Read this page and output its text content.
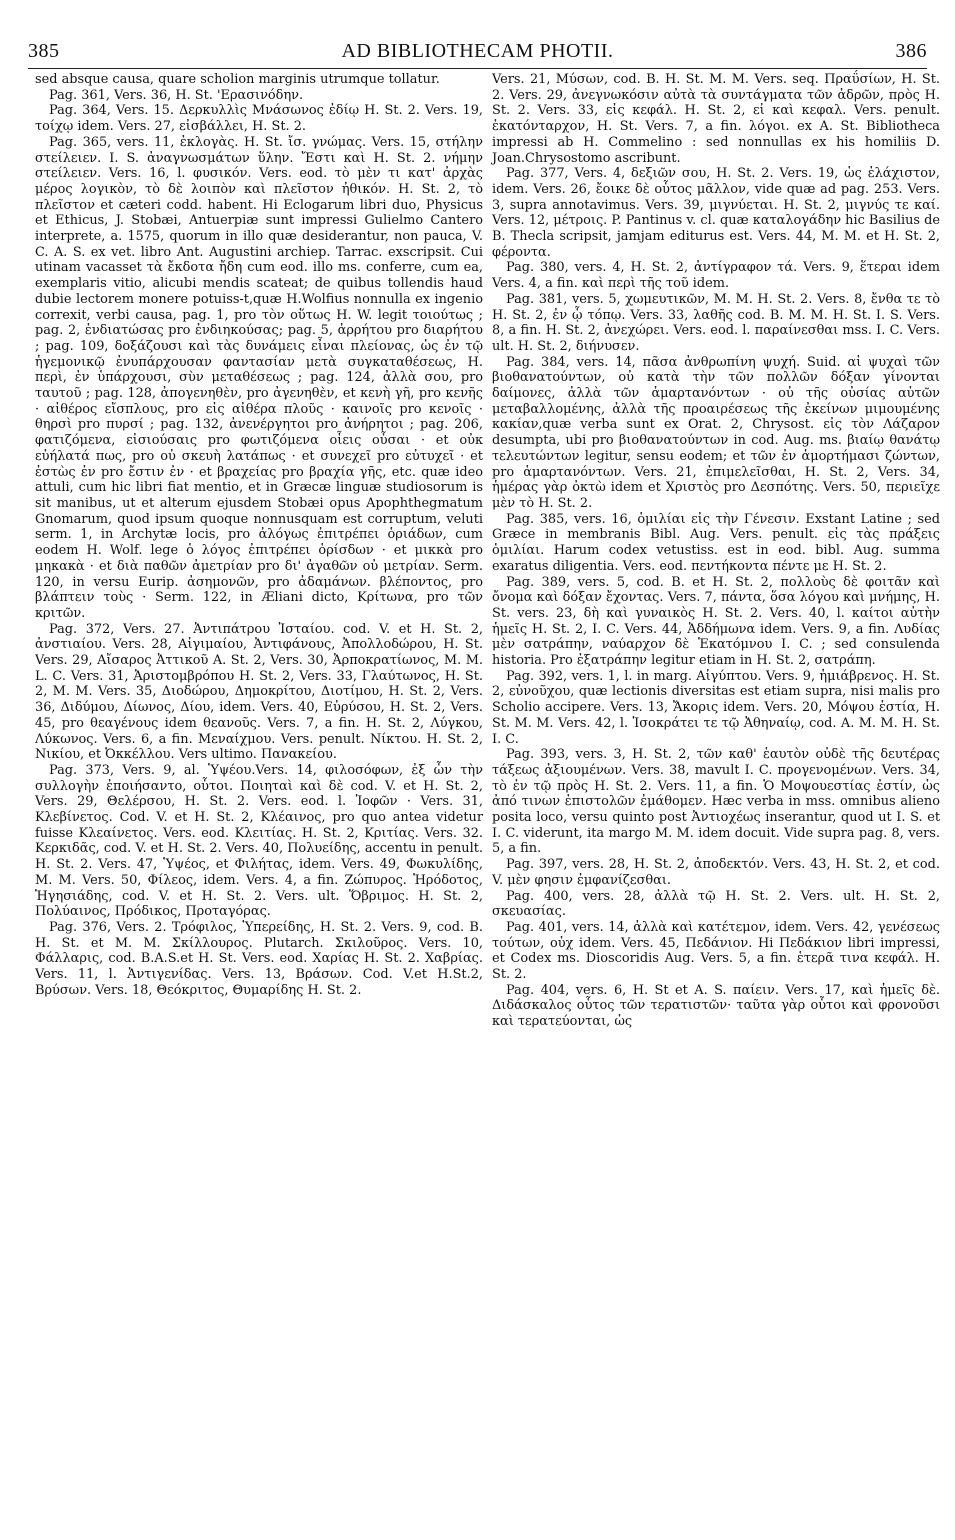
385	AD BIBLIOTHECAM PHOTII.	386

sed absque causa, quare scholion marginis utrumque tollatur.

Pag. 361, Vers. 36, H. St. 'Ερασινόδην.

Pag. 364, Vers. 15. Δερκυλλὶς Μνάσωνος ἐδίῳ Η. St. 2. Vers. 19, τοίχῳ idem. Vers. 27, εἰσβάλλει, H. St. 2.

Pag. 365, vers. 11, ἐκλογὰς. H. St. ἴσ. γνώμας. Vers. 15, στήλην στείλειεν. I. S. ἀναγνωσμάτων ὕλην. Ἔστι καὶ H. St. 2. νήμην στείλειεν. Vers. 16, l. φυσικόν. Vers. eod. τὸ μὲν τι κατ' ἀρχὰς μέρος λογικὸν, τὸ δὲ λοιπὸν καὶ πλεῖστον ἠθικόν. H. St. 2, τὸ πλεῖστον et cæteri codd. habent. Hi Eclogarum libri duo, Physicus et Ethicus, J. Stobæi, Antuerpiæ sunt impressi Gulielmo Cantero interprete, a. 1575, quorum in illo quæ desiderantur, non pauca, V. C. A. S. ex vet. libro Ant. Augustini archiep. Tarrac. exscripsit. Cui utinam vacasset τὰ ἔκδοτα ἤδη cum eod. illo ms. conferre, cum ea, exemplaris vitio, alicubi mendis scateat; de quibus tollendis haud dubie lectorem monere potuiss-t,quæ H.Wolfius nonnulla ex ingenio correxit, verbi causa, pag. 1, pro τὸν οὕτως H. W. legit τοιούτως ; pag. 2, ἐνδιατώσας pro ἐνδιηκούσας; pag. 5, ἀρρήτου pro διαρήτου ; pag. 109, δοξάζουσι καὶ τὰς δυνάμεις εἶναι πλείονας, ὡς ἐν τῷ ἡγεμονικῷ ἐνυπάρχουσαν φαντασίαν μετὰ συγκαταθέσεως, H. περὶ, ἐν ὑπάρχουσι, σὺν μεταθέσεως ; pag. 124, ἀλλὰ σου, pro ταυτοῦ ; pag. 128, ἀπογενηθὲν, pro ἀγενηθὲν, et κενὴ γῆ, pro κενῆς · αἰθέρος εἴσπλους, pro εἰς αἰθέρα πλοῦς · καινοῖς pro κενοῖς · θηρσὶ pro πυρσί ; pag. 132, ἀνενέργητοι pro ἀνήρητοι ; pag. 206, φατιζόμενα, εἰσιούσαις pro φωτιζόμενα οἷεις οὖσαι · et οὐκ εὐήλατά πως, pro οὐ σκευὴ λατάπως · et συνεχεῖ pro εὐτυχεῖ · et ἐστὼς ἐν pro ἔστιν ἐν · et βραχείας pro βραχία γῆς, etc. quæ ideo attuli, cum hic libri fiat mentio, et in Græcæ linguæ studiosorum is sit manibus, ut et alterum ejusdem Stobæi opus Apophthegmatum Gnomarum, quod ipsum quoque nonnusquam est corruptum, veluti serm. 1, in Archytæ locis, pro ἀλόγως ἐπιτρέπει ὁριάδων, cum eodem H. Wolf. lege ὁ λόγος ἐπιτρέπει ὁρίσδων · et μικκὰ pro μηκακὰ · et διὰ παθῶν ἀμετρίαν pro δι' ἀγαθῶν οὐ μετρίαν. Serm. 120, in versu Eurip. ἀσημονῶν, pro ἀδαμάνων. βλέποντος, pro βλάπτειν τοὺς · Serm. 122, in Æliani dicto, Κρίτωνα, pro τῶν κριτῶν.

Pag. 372, Vers. 27. Ἀντιπάτρου Ἱσταίου. cod. V. et H. St. 2, ἀνστιαίου. Vers. 28, Αἰγιμαίου, Ἀντιφάνους, Ἀπολλοδώρου, H. St. Vers. 29, Αἴσαρος Ἀττικοῦ A. St. 2, Vers. 30, Ἀρποκρατίωνος, M. M. L. C. Vers. 31, Ἀριστομβρόπου H. St. 2, Vers. 33, Γλαύτωνος, H. St. 2, M. M. Vers. 35, Διοδώρου, Δημοκρίτου, Διοτίμου, H. St. 2, Vers. 36, Διδύμου, Δίωνος, Δίου, idem. Vers. 40, Εὐρύσου, H. St. 2, Vers. 45, pro θεαγένους idem θεανοῦς. Vers. 7, a fin. H. St. 2, Λύγκου, Λύκωνος. Vers. 6, a fin. Μεναίχμου. Vers. penult. Νίκτου. H. St. 2, Νικίου, et Ὀκκέλλου. Vers ultimo. Πανακείου.

Pag. 373, Vers. 9, al. Ὑψέου.Vers. 14, φιλοσόφων, ἐξ ὧν τὴν συλλογὴν ἐποιήσαντο, οὗτοι. Ποιηταὶ καὶ δὲ cod. V. et H. St. 2, Vers. 29, Θελέρσου, H. St. 2. Vers. eod. l. Ἰοφῶν · Vers. 31, Κλεβίνετος. Cod. V. et H. St. 2, Κλέαινος, pro quo antea videtur fuisse Κλεαίνετος. Vers. eod. Κλειτίας. H. St. 2, Κριτίας. Vers. 32. Κερκιδᾶς, cod. V. et H. St. 2. Vers. 40, Πολυείδης, accentu in penult. H. St. 2. Vers. 47, Ὑψέος, et Φιλήτας, idem. Vers. 49, Φωκυλίδης, M. M. Vers. 50, Φίλεος, idem. Vers. 4, a fin. Ζώπυρος. Ἡρόδοτος, Ἡγησιάδης, cod. V. et H. St. 2. Vers. ult. Ὅβριμος. H. St. 2, Πολύαινος, Πρόδικος, Προταγόρας.

Pag. 376, Vers. 2. Τρόφιλος, Ὑπερείδης, H. St. 2. Vers. 9, cod. B. H. St. et M. M. Σκίλλουρος. Plutarch. Σκιλοῦρος. Vers. 10, Φάλλαρις, cod. B.A.S.et H. St. Vers. eod. Χαρίας H. St. 2. Χαβρίας. Vers. 11, l. Ἀντιγενίδας. Vers. 13, Βράσων. Cod. V.et H.St.2, Βρύσων. Vers. 18, Θεόκριτος, Θυμαρίδης H. St. 2.

Vers. 21, Μύσων, cod. B. H. St. M. M. Vers. seq. Πραΰσίων, H. St. 2. Vers. 29, ἀνεγνωκόσιν αὐτὰ τὰ συντάγματα τῶν ἀδρῶν, πρὸς H. St. 2. Vers. 33, εἰς κεφάλ. H. St. 2, εἰ καὶ κεφαλ. Vers. penult. ἑκατόνταρχον, H. St. Vers. 7, a fin. λόγοι. ex A. St. Bibliotheca impressi ab H. Commelino : sed nonnullas ex his homiliis D. Joan.Chrysostomo ascribunt.

Pag. 377, Vers. 4, δεξιῶν σου, H. St. 2. Vers. 19, ὡς ἐλάχιστον, idem. Vers. 26, ἔοικε δὲ οὗτος μᾶλλον, vide quæ ad pag. 253. Vers. 3, supra annotavimus. Vers. 39, μιγνύεται. H. St. 2, μιγνύς τε καί. Vers. 12, μέτροις. P. Pantinus v. cl. quæ καταλογάδην hic Basilius de B. Thecla scripsit, jamjam editurus est. Vers. 44, M. M. et H. St. 2, φέροντα.

Pag. 380, vers. 4, H. St. 2, ἀντίγραφον τά. Vers. 9, ἕτεραι idem Vers. 4, a fin. καὶ περὶ τῆς τοῦ idem.

Pag. 381, vers. 5, χωμευτικῶν, M. M. H. St. 2. Vers. 8, ἔνθα τε τὸ H. St. 2, ἐν ᾧ τόπῳ. Vers. 33, λαθῆς cod. B. M. M. H. St. I. S. Vers. 8, a fin. H. St. 2, ἀνεχώρει. Vers. eod. l. παραίνεσθαι mss. I. C. Vers. ult. H. St. 2, διήνυσεν.

Pag. 384, vers. 14, πᾶσα ἀνθρωπίνη ψυχή. Suid. αἱ ψυχαὶ τῶν βιοθανατούντων, οὐ κατὰ τὴν τῶν πολλῶν δόξαν γίνονται δαίμονες, ἀλλὰ τῶν ἁμαρτανόντων · οὐ τῆς οὐσίας αὐτῶν μεταβαλλομένης, ἀλλὰ τῆς προαιρέσεως τῆς ἐκείνων μιμουμένης κακίαν,quæ verba sunt ex Orat. 2, Chrysost. εἰς τὸν Λάζαρον desumpta, ubi pro βιοθανατούντων in cod. Aug. ms. βιαίῳ θανάτῳ τελευτώντων legitur, sensu eodem; et τῶν ἐν ἁμορτήμασι ζώντων, pro ἁμαρτανόντων. Vers. 21, ἐπιμελεῖσθαι, H. St. 2, Vers. 34, ἡμέρας γὰρ ὀκτὼ idem et Χριστὸς pro Δεσπότης. Vers. 50, περιεῖχε μὲν τὸ H. St. 2.

Pag. 385, vers. 16, ὁμιλίαι εἰς τὴν Γένεσιν. Exstant Latine ; sed Græce in membranis Bibl. Aug. Vers. penult. εἰς τὰς πράξεις ὁμιλίαι. Harum codex vetustiss. est in eod. bibl. Aug. summa exaratus diligentia. Vers. eod. πεντήκοντα πέντε με H. St. 2.

Pag. 389, vers. 5, cod. B. et H. St. 2, πολλοὺς δὲ φοιτᾶν καὶ ὄνομα καὶ δόξαν ἔχοντας. Vers. 7, πάντα, ὅσα λόγου καὶ μνήμης, H. St. vers. 23, δὴ καὶ γυναικὸς H. St. 2. Vers. 40, l. καίτοι αὐτὴν ἡμεῖς H. St. 2, I. C. Vers. 44, Ἀδδήμωνα idem. Vers. 9, a fin. Λυδίας μὲν σατράπην, ναύαρχον δὲ Ἑκατόμνου I. C. ; sed consulenda historia. Pro ἐξατράπην legitur etiam in H. St. 2, σατράπη.

Pag. 392, vers. 1, l. in marg. Αἰγύπτου. Vers. 9, ἡμιάβρενος. H. St. 2, εὐνοῦχου, quæ lectionis diversitas est etiam supra, nisi malis pro Scholio accipere. Vers. 13, Ἄκορις idem. Vers. 20, Μόψου ἑστία, H. St. M. M. Vers. 42, l. Ἰσοκράτει τε τῷ Ἀθηναίῳ, cod. A. M. M. H. St. I. C.

Pag. 393, vers. 3, H. St. 2, τῶν καθ' ἑαυτὸν οὐδὲ τῆς δευτέρας τάξεως ἀξιουμένων. Vers. 38, mavult I. C. προγενομένων. Vers. 34, τὸ ἐν τῷ πρὸς H. St. 2. Vers. 11, a fin. Ὁ Μοψουεστίας ἐστίν, ὡς ἀπό τινων ἐπιστολῶν ἐμάθομεν. Hæc verba in mss. omnibus alieno posita loco, versu quinto post Ἀντιοχέως inserantur, quod ut I. S. et I. C. viderunt, ita margo M. M. idem docuit. Vide supra pag. 8, vers. 5, a fin.

Pag. 397, vers. 28, H. St. 2, ἀποδεκτόν. Vers. 43, H. St. 2, et cod. V. μὲν φησιν ἐμφανίζεσθαι.

Pag. 400, vers. 28, ἀλλὰ τῷ H. St. 2. Vers. ult. H. St. 2, σκευασίας.

Pag. 401, vers. 14, ἀλλὰ καὶ κατέτεμον, idem. Vers. 42, γενέσεως τούτων, οὐχ idem. Vers. 45, Πεδάνιον. Hi Πεδάκιον libri impressi, et Codex ms. Dioscoridis Aug. Vers. 5, a fin. ἑτερᾶ τινα κεφάλ. H. St. 2.

Pag. 404, vers. 6, H. St et A. S. παίειν. Vers. 17, καὶ ἡμεῖς δὲ. Διδάσκαλος οὗτος τῶν τερατιστῶν· ταῦτα γὰρ οὗτοι καὶ φρονοῦσι καὶ τερατεύονται, ὡς
